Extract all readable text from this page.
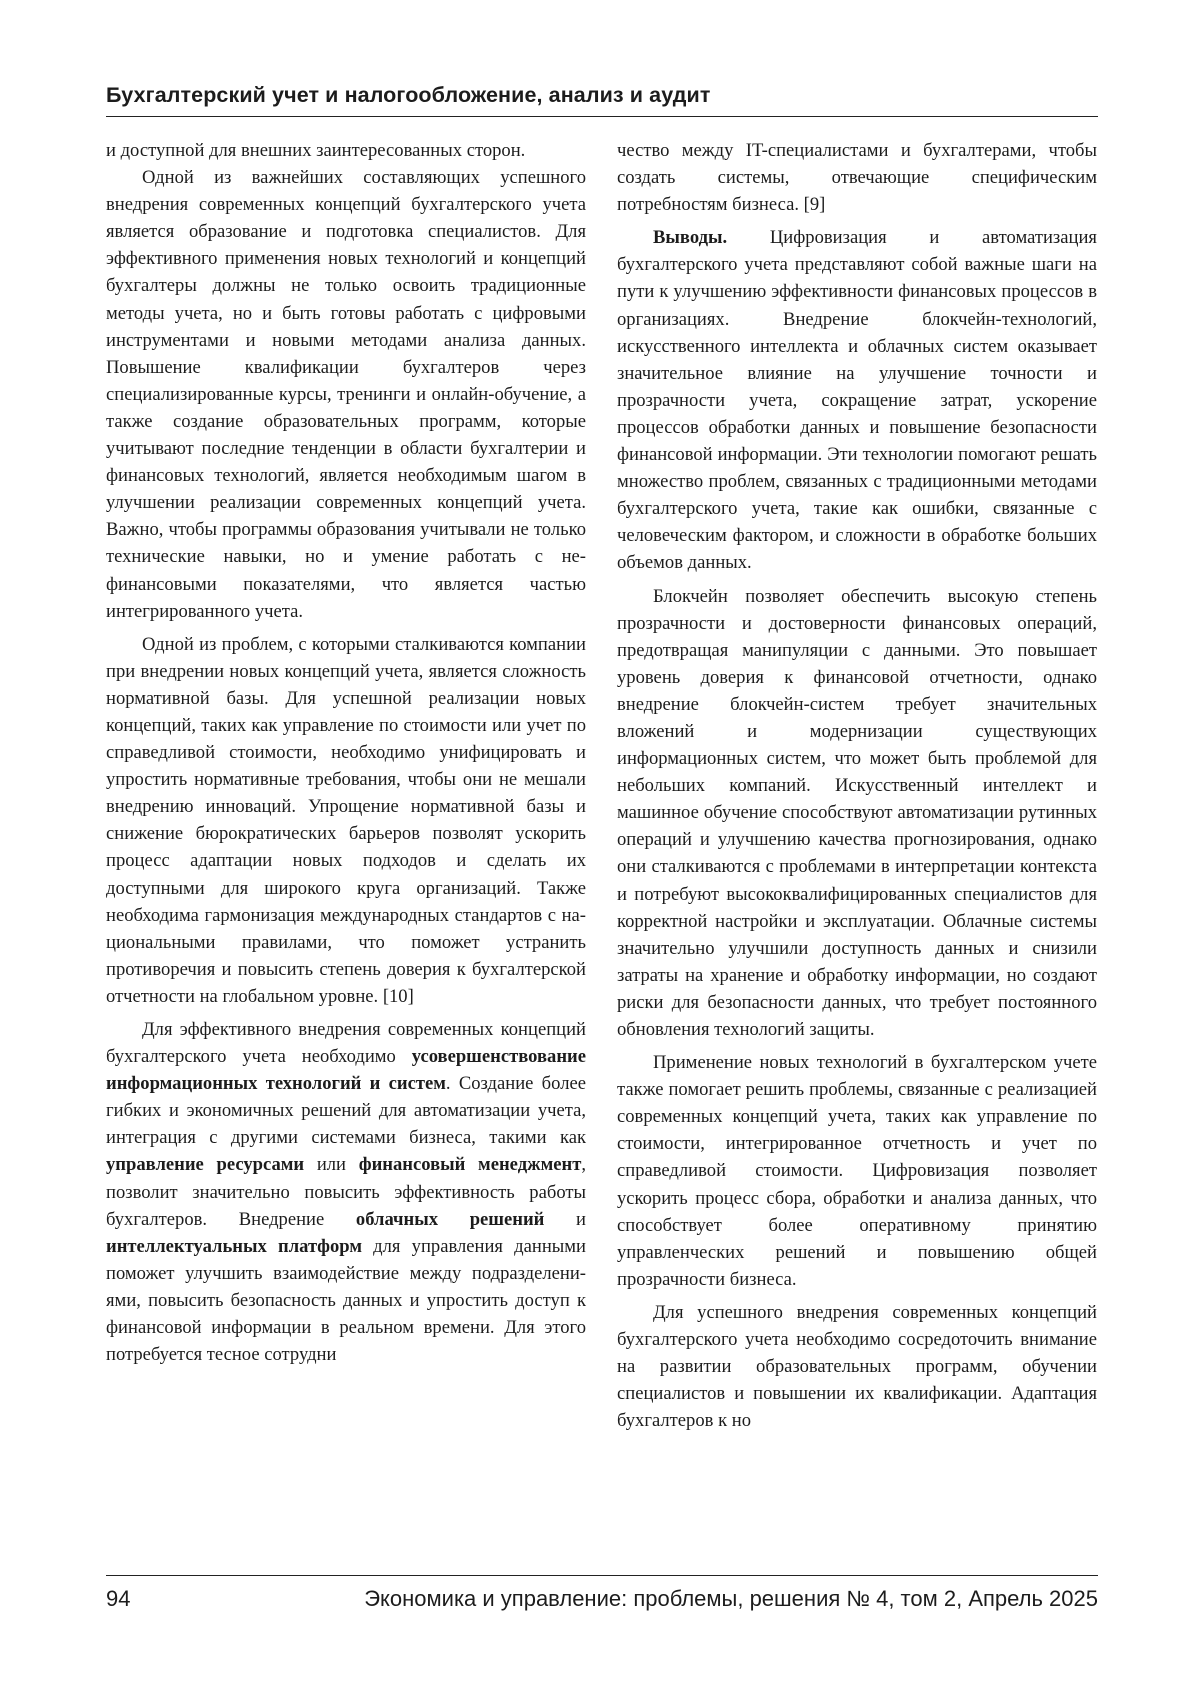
Бухгалтерский учет и налогообложение, анализ и аудит

и доступной для внешних заинтересованных сторон.

Одной из важнейших составляющих успешного внедрения современных концепций бухгалтерского учета является образование и подготовка специалистов. Для эффективного применения новых технологий и концепций бухгалтеры должны не только освоить традиционные методы учета, но и быть готовы работать с цифровыми инструментами и новыми методами анализа данных. Повышение квалификации бухгалтеров через специализированные курсы, тренинги и онлайн-обучение, а также создание образовательных программ, которые учитывают последние тенденции в области бухгалтерии и финансовых технологий, является необходимым шагом в улучшении реализации современных концепций учета. Важно, чтобы программы образования учитывали не только технические навыки, но и умение работать с нефинансовыми показателями, что является частью интегрированного учета.

Одной из проблем, с которыми сталкиваются компании при внедрении новых концепций учета, является сложность нормативной базы. Для успешной реализации новых концепций, таких как управление по стоимости или учет по справедливой стоимости, необходимо унифицировать и упростить нормативные требования, чтобы они не мешали внедрению инноваций. Упрощение нормативной базы и снижение бюрократических барьеров позволят ускорить процесс адаптации новых подходов и сделать их доступными для широкого круга организаций. Также необходима гармонизация международных стандартов с национальными правилами, что поможет устранить противоречия и повысить степень доверия к бухгалтерской отчетности на глобальном уровне. [10]

Для эффективного внедрения современных концепций бухгалтерского учета необходимо усовершенствование информационных технологий и систем. Создание более гибких и экономичных решений для автоматизации учета, интеграция с другими системами бизнеса, такими как управление ресурсами или финансовый менеджмент, позволит значительно повысить эффективность работы бухгалтеров. Внедрение облачных решений и интеллектуальных платформ для управления данными поможет улучшить взаимодействие между подразделениями, повысить безопасность данных и упростить доступ к финансовой информации в реальном времени. Для этого потребуется тесное сотрудни

чество между IT-специалистами и бухгалтерами, чтобы создать системы, отвечающие специфическим потребностям бизнеса. [9]

Выводы. Цифровизация и автоматизация бухгалтерского учета представляют собой важные шаги на пути к улучшению эффективности финансовых процессов в организациях. Внедрение блокчейн-технологий, искусственного интеллекта и облачных систем оказывает значительное влияние на улучшение точности и прозрачности учета, сокращение затрат, ускорение процессов обработки данных и повышение безопасности финансовой информации. Эти технологии помогают решать множество проблем, связанных с традиционными методами бухгалтерского учета, такие как ошибки, связанные с человеческим фактором, и сложности в обработке больших объемов данных.

Блокчейн позволяет обеспечить высокую степень прозрачности и достоверности финансовых операций, предотвращая манипуляции с данными. Это повышает уровень доверия к финансовой отчетности, однако внедрение блокчейн-систем требует значительных вложений и модернизации существующих информационных систем, что может быть проблемой для небольших компаний. Искусственный интеллект и машинное обучение способствуют автоматизации рутинных операций и улучшению качества прогнозирования, однако они сталкиваются с проблемами в интерпретации контекста и потребуют высококвалифицированных специалистов для корректной настройки и эксплуатации. Облачные системы значительно улучшили доступность данных и снизили затраты на хранение и обработку информации, но создают риски для безопасности данных, что требует постоянного обновления технологий защиты.

Применение новых технологий в бухгалтерском учете также помогает решить проблемы, связанные с реализацией современных концепций учета, таких как управление по стоимости, интегрированное отчетность и учет по справедливой стоимости. Цифровизация позволяет ускорить процесс сбора, обработки и анализа данных, что способствует более оперативному принятию управленческих решений и повышению общей прозрачности бизнеса.

Для успешного внедрения современных концепций бухгалтерского учета необходимо сосредоточить внимание на развитии образовательных программ, обучении специалистов и повышении их квалификации. Адаптация бухгалтеров к но

94	Экономика и управление: проблемы, решения № 4, том 2, Апрель 2025
